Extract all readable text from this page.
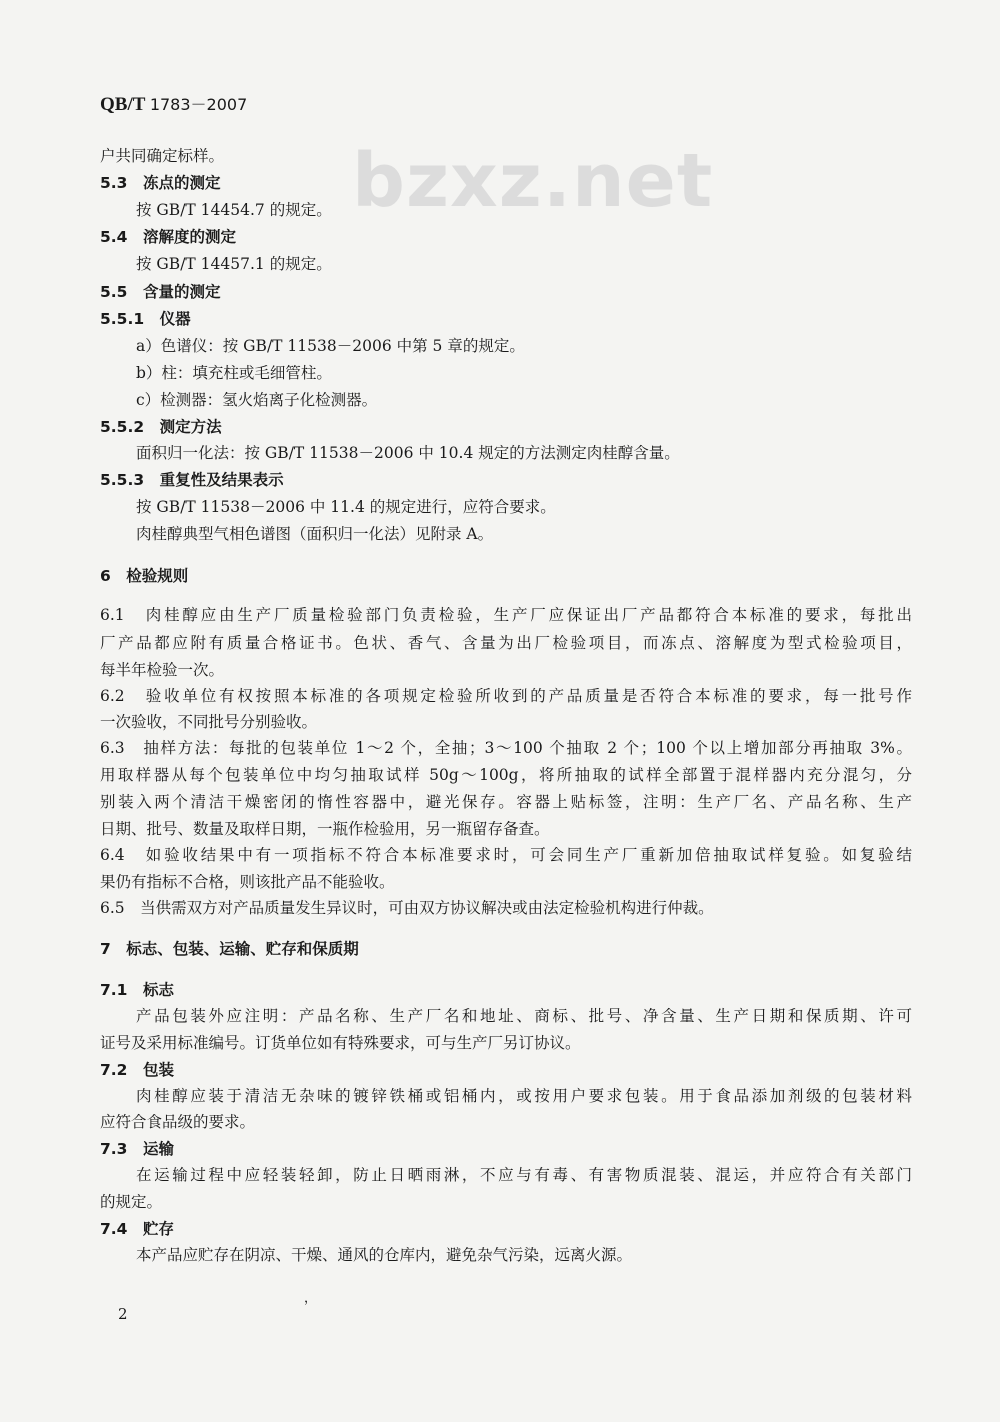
bzxz.net
QB/T 1783－2007
户共同确定标样。
5.3　冻点的测定
按 GB/T 14454.7 的规定。
5.4　溶解度的测定
按 GB/T 14457.1 的规定。
5.5　含量的测定
5.5.1　仪器
a）色谱仪：按 GB/T 11538－2006 中第 5 章的规定。
b）柱：填充柱或毛细管柱。
c）检测器：氢火焰离子化检测器。
5.5.2　测定方法
面积归一化法：按 GB/T 11538－2006 中 10.4 规定的方法测定肉桂醇含量。
5.5.3　重复性及结果表示
按 GB/T 11538－2006 中 11.4 的规定进行，应符合要求。
肉桂醇典型气相色谱图（面积归一化法）见附录 A。
6　检验规则
6.1　肉桂醇应由生产厂质量检验部门负责检验，生产厂应保证出厂产品都符合本标准的要求，每批出
厂产品都应附有质量合格证书。色状、香气、含量为出厂检验项目，而冻点、溶解度为型式检验项目，
每半年检验一次。
6.2　验收单位有权按照本标准的各项规定检验所收到的产品质量是否符合本标准的要求，每一批号作
一次验收，不同批号分别验收。
6.3　抽样方法：每批的包装单位 1～2 个，全抽；3～100 个抽取 2 个；100 个以上增加部分再抽取 3%。
用取样器从每个包装单位中均匀抽取试样 50g～100g，将所抽取的试样全部置于混样器内充分混匀，分
别装入两个清洁干燥密闭的惰性容器中，避光保存。容器上贴标签，注明：生产厂名、产品名称、生产
日期、批号、数量及取样日期，一瓶作检验用，另一瓶留存备查。
6.4　如验收结果中有一项指标不符合本标准要求时，可会同生产厂重新加倍抽取试样复验。如复验结
果仍有指标不合格，则该批产品不能验收。
6.5　当供需双方对产品质量发生异议时，可由双方协议解决或由法定检验机构进行仲裁。
7　标志、包装、运输、贮存和保质期
7.1　标志
产品包装外应注明：产品名称、生产厂名和地址、商标、批号、净含量、生产日期和保质期、许可
证号及采用标准编号。订货单位如有特殊要求，可与生产厂另订协议。
7.2　包装
肉桂醇应装于清洁无杂味的镀锌铁桶或铝桶内，或按用户要求包装。用于食品添加剂级的包装材料
应符合食品级的要求。
7.3　运输
在运输过程中应轻装轻卸，防止日晒雨淋，不应与有毒、有害物质混装、混运，并应符合有关部门
的规定。
7.4　贮存
本产品应贮存在阴凉、干燥、通风的仓库内，避免杂气污染，远离火源。
，
2
